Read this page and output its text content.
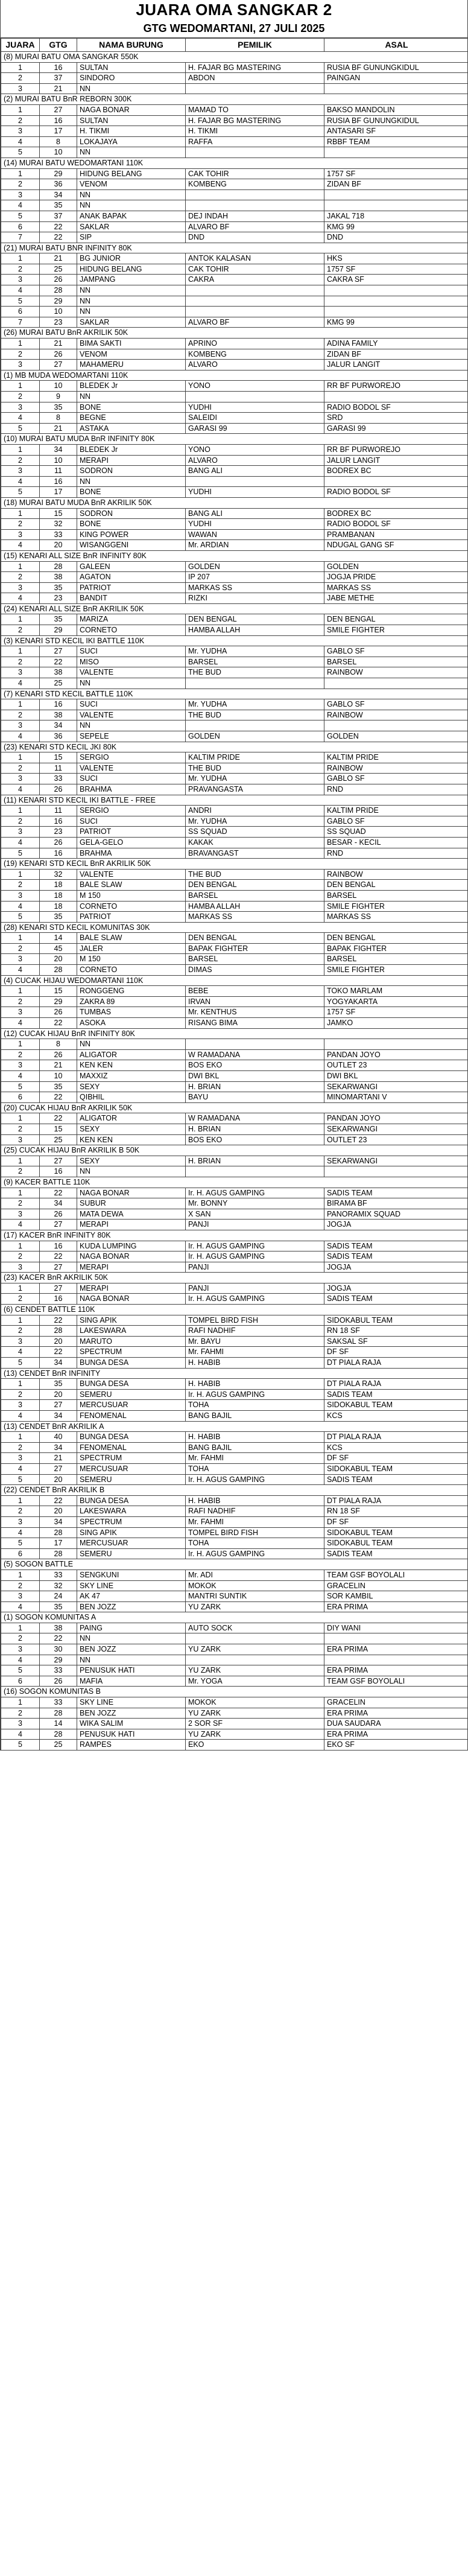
JUARA OMA SANGKAR 2
GTG WEDOMARTANI, 27 JULI 2025
JUARA	GTG	NAMA BURUNG	PEMILIK	ASAL
(8) MURAI BATU OMA SANGKAR 550K				
1	16	SULTAN	H. FAJAR BG MASTERING	RUSIA BF GUNUNGKIDUL
2	37	SINDORO	ABDON	PAINGAN
3	21	NN		
(2) MURAI BATU BnR REBORN 300K				
1	27	NAGA BONAR	MAMAD TO	BAKSO MANDOLIN
2	16	SULTAN	H. FAJAR BG MASTERING	RUSIA BF GUNUNGKIDUL
3	17	H. TIKMI	H. TIKMI	ANTASARI SF
4	8	LOKAJAYA	RAFFA	RBBF TEAM
5	10	NN		
(14) MURAI BATU WEDOMARTANI 110K				
1	29	HIDUNG BELANG	CAK TOHIR	1757 SF
2	36	VENOM	KOMBENG	ZIDAN BF
3	34	NN		
4	35	NN		
5	37	ANAK BAPAK	DEJ INDAH	JAKAL 718
6	22	SAKLAR	ALVARO BF	KMG 99
7	22	SIP	DND	DND
(21) MURAI BATU BNR INFINITY 80K				
1	21	BG JUNIOR	ANTOK KALASAN	HKS
2	25	HIDUNG BELANG	CAK TOHIR	1757 SF
3	26	JAMPANG	CAKRA	CAKRA SF
4	28	NN		
5	29	NN		
6	10	NN		
7	23	SAKLAR	ALVARO BF	KMG 99
(26) MURAI BATU BnR AKRILIK 50K				
1	21	BIMA SAKTI	APRINO	ADINA FAMILY
2	26	VENOM	KOMBENG	ZIDAN BF
3	27	MAHAMERU	ALVARO	JALUR LANGIT
(1) MB MUDA WEDOMARTANI 110K				
1	10	BLEDEK Jr	YONO	RR BF PURWOREJO
2	9	NN		
3	35	BONE	YUDHI	RADIO BODOL SF
4	8	BEGNE	SALEIDI	SRD
5	21	ASTAKA	GARASI 99	GARASI 99
(10) MURAI BATU MUDA BnR INFINITY 80K				
1	34	BLEDEK Jr	YONO	RR BF PURWOREJO
2	10	MERAPI	ALVARO	JALUR LANGIT
3	11	SODRON	BANG ALI	BODREX BC
4	16	NN		
5	17	BONE	YUDHI	RADIO BODOL SF
(18) MURAI BATU MUDA BnR AKRILIK 50K				
1	15	SODRON	BANG ALI	BODREX BC
2	32	BONE	YUDHI	RADIO BODOL SF
3	33	KING POWER	WAWAN	PRAMBANAN
4	20	WISANGGENI	Mr. ARDIAN	NDUGAL GANG SF
(15) KENARI ALL SIZE BnR INFINITY 80K				
1	28	GALEEN	GOLDEN	GOLDEN
2	38	AGATON	IP 207	JOGJA PRIDE
3	35	PATRIOT	MARKAS SS	MARKAS SS
4	23	BANDIT	RIZKI	JABE METHE
(24) KENARI ALL SIZE BnR AKRILIK 50K				
1	35	MARIZA	DEN BENGAL	DEN BENGAL
2	29	CORNETO	HAMBA ALLAH	SMILE FIGHTER
(3) KENARI STD KECIL IKI BATTLE 110K				
1	27	SUCI	Mr. YUDHA	GABLO SF
2	22	MISO	BARSEL	BARSEL
3	38	VALENTE	THE BUD	RAINBOW
4	25	NN		
(7) KENARI STD KECIL BATTLE 110K				
1	16	SUCI	Mr. YUDHA	GABLO SF
2	38	VALENTE	THE BUD	RAINBOW
3	34	NN		
4	36	SEPELE	GOLDEN	GOLDEN
(23) KENARI STD KECIL JKI 80K				
1	15	SERGIO	KALTIM PRIDE	KALTIM PRIDE
2	11	VALENTE	THE BUD	RAINBOW
3	33	SUCI	Mr. YUDHA	GABLO SF
4	26	BRAHMA	PRAVANGASTA	RND
(11) KENARI STD KECIL IKI BATTLE - FREE				
1	11	SERGIO	ANDRI	KALTIM PRIDE
2	16	SUCI	Mr. YUDHA	GABLO SF
3	23	PATRIOT	SS SQUAD	SS SQUAD
4	26	GELA-GELO	KAKAK	BESAR - KECIL
5	16	BRAHMA	BRAVANGAST	RND
(19) KENARI STD KECIL BnR AKRILIK 50K				
1	32	VALENTE	THE BUD	RAINBOW
2	18	BALE SLAW	DEN BENGAL	DEN BENGAL
3	18	M 150	BARSEL	BARSEL
4	18	CORNETO	HAMBA ALLAH	SMILE FIGHTER
5	35	PATRIOT	MARKAS SS	MARKAS SS
(28) KENARI STD KECIL KOMUNITAS 30K				
1	14	BALE SLAW	DEN BENGAL	DEN BENGAL
2	45	JALER	BAPAK FIGHTER	BAPAK FIGHTER
3	20	M 150	BARSEL	BARSEL
4	28	CORNETO	DIMAS	SMILE FIGHTER
(4) CUCAK HIJAU WEDOMARTANI 110K				
1	15	RONGGENG	BEBE	TOKO MARLAM
2	29	ZAKRA 89	IRVAN	YOGYAKARTA
3	26	TUMBAS	Mr. KENTHUS	1757 SF
4	22	ASOKA	RISANG BIMA	JAMKO
(12) CUCAK HIJAU BnR INFINITY 80K				
1	8	NN		
2	26	ALIGATOR	W RAMADANA	PANDAN JOYO
3	21	KEN KEN	BOS EKO	OUTLET 23
4	10	MAXXIZ	DWI BKL	DWI BKL
5	35	SEXY	H. BRIAN	SEKARWANGI
6	22	QIBHIL	BAYU	MINOMARTANI V
(20) CUCAK HIJAU BnR AKRILIK 50K				
1	22	ALIGATOR	W RAMADANA	PANDAN JOYO
2	15	SEXY	H. BRIAN	SEKARWANGI
3	25	KEN KEN	BOS EKO	OUTLET 23
(25) CUCAK HIJAU BnR AKRILIK B 50K				
1	27	SEXY	H. BRIAN	SEKARWANGI
2	16	NN		
(9) KACER BATTLE 110K				
1	22	NAGA BONAR	Ir. H. AGUS GAMPING	SADIS TEAM
2	34	SUBUR	Mr. BONNY	BIRAMA BF
3	26	MATA DEWA	X SAN	PANORAMIX SQUAD
4	27	MERAPI	PANJI	JOGJA
(17) KACER BnR INFINITY 80K				
1	16	KUDA LUMPING	Ir. H. AGUS GAMPING	SADIS TEAM
2	22	NAGA BONAR	Ir. H. AGUS GAMPING	SADIS TEAM
3	27	MERAPI	PANJI	JOGJA
(23) KACER BnR AKRILIK 50K				
1	27	MERAPI	PANJI	JOGJA
2	16	NAGA BONAR	Ir. H. AGUS GAMPING	SADIS TEAM
(6) CENDET BATTLE 110K				
1	22	SING APIK	TOMPEL BIRD FISH	SIDOKABUL TEAM
2	28	LAKESWARA	RAFI NADHIF	RN 18 SF
3	20	MARUTO	Mr. BAYU	SAKSAL SF
4	22	SPECTRUM	Mr. FAHMI	DF SF
5	34	BUNGA DESA	H. HABIB	DT PIALA RAJA
(13) CENDET BnR INFINITY				
1	35	BUNGA DESA	H. HABIB	DT PIALA RAJA
2	20	SEMERU	Ir. H. AGUS GAMPING	SADIS TEAM
3	27	MERCUSUAR	TOHA	SIDOKABUL TEAM
4	34	FENOMENAL	BANG BAJIL	KCS
(13) CENDET BnR AKRILIK A				
1	40	BUNGA DESA	H. HABIB	DT PIALA RAJA
2	34	FENOMENAL	BANG BAJIL	KCS
3	21	SPECTRUM	Mr. FAHMI	DF SF
4	27	MERCUSUAR	TOHA	SIDOKABUL TEAM
5	20	SEMERU	Ir. H. AGUS GAMPING	SADIS TEAM
(22) CENDET BnR AKRILIK B				
1	22	BUNGA DESA	H. HABIB	DT PIALA RAJA
2	20	LAKESWARA	RAFI NADHIF	RN 18 SF
3	34	SPECTRUM	Mr. FAHMI	DF SF
4	28	SING APIK	TOMPEL BIRD FISH	SIDOKABUL TEAM
5	17	MERCUSUAR	TOHA	SIDOKABUL TEAM
6	28	SEMERU	Ir. H. AGUS GAMPING	SADIS TEAM
(5) SOGON BATTLE				
1	33	SENGKUNI	Mr. ADI	TEAM GSF BOYOLALI
2	32	SKY LINE	MOKOK	GRACELIN
3	24	AK 47	MANTRI SUNTIK	SOR KAMBIL
4	35	BEN JOZZ	YU ZARK	ERA PRIMA
(1) SOGON KOMUNITAS A				
1	38	PAING	AUTO SOCK	DIY WANI
2	22	NN		
3	30	BEN JOZZ	YU ZARK	ERA PRIMA
4	29	NN		
5	33	PENUSUK HATI	YU ZARK	ERA PRIMA
6	26	MAFIA	Mr. YOGA	TEAM GSF BOYOLALI
(16) SOGON KOMUNITAS B				
1	33	SKY LINE	MOKOK	GRACELIN
2	28	BEN JOZZ	YU ZARK	ERA PRIMA
3	14	WIKA SALIM	2 SOR SF	DUA SAUDARA
4	28	PENUSUK HATI	YU ZARK	ERA PRIMA
5	25	RAMPES	EKO	EKO SF
